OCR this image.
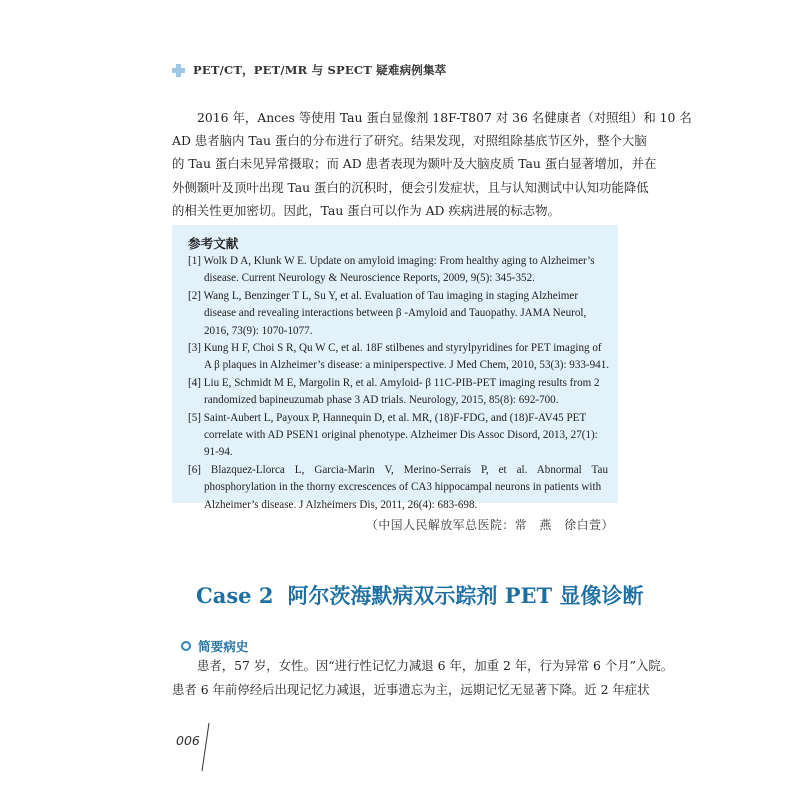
PET/CT，PET/MR 与 SPECT 疑难病例集萃
2016 年，Ances 等使用 Tau 蛋白显像剂 18F-T807 对 36 名健康者（对照组）和 10 名
AD 患者脑内 Tau 蛋白的分布进行了研究。结果发现，对照组除基底节区外，整个大脑
的 Tau 蛋白未见异常摄取；而 AD 患者表现为颞叶及大脑皮质 Tau 蛋白显著增加，并在
外侧颞叶及顶叶出现 Tau 蛋白的沉积时，便会引发症状，且与认知测试中认知功能降低
的相关性更加密切。因此，Tau 蛋白可以作为 AD 疾病进展的标志物。
参考文献
[1] Wolk D A, Klunk W E. Update on amyloid imaging: From healthy aging to Alzheimer’s
disease. Current Neurology & Neuroscience Reports, 2009, 9(5): 345-352.
[2] Wang L, Benzinger T L, Su Y, et al. Evaluation of Tau imaging in staging Alzheimer
disease and revealing interactions between β -Amyloid and Tauopathy. JAMA Neurol,
2016, 73(9): 1070-1077.
[3] Kung H F, Choi S R, Qu W C, et al. 18F stilbenes and styrylpyridines for PET imaging of
A β plaques in Alzheimer’s disease: a miniperspective. J Med Chem, 2010, 53(3): 933-941.
[4] Liu E, Schmidt M E, Margolin R, et al. Amyloid- β 11C-PIB-PET imaging results from 2
randomized bapineuzumab phase 3 AD trials. Neurology, 2015, 85(8): 692-700.
[5] Saint-Aubert L, Payoux P, Hannequin D, et al. MR, (18)F-FDG, and (18)F-AV45 PET
correlate with AD PSEN1 original phenotype. Alzheimer Dis Assoc Disord, 2013, 27(1):
91-94.
[6] Blazquez-Llorca L, Garcia-Marin V, Merino-Serrais P, et al. Abnormal Tau
phosphorylation in the thorny excrescences of CA3 hippocampal neurons in patients with
Alzheimer’s disease. J Alzheimers Dis, 2011, 26(4): 683-698.
（中国人民解放军总医院：常　燕　徐白萱）
Case 2 阿尔茨海默病双示踪剂 PET 显像诊断
简要病史
患者，57 岁，女性。因“进行性记忆力减退 6 年，加重 2 年，行为异常 6 个月”入院。
患者 6 年前停经后出现记忆力减退，近事遗忘为主，远期记忆无显著下降。近 2 年症状
006
